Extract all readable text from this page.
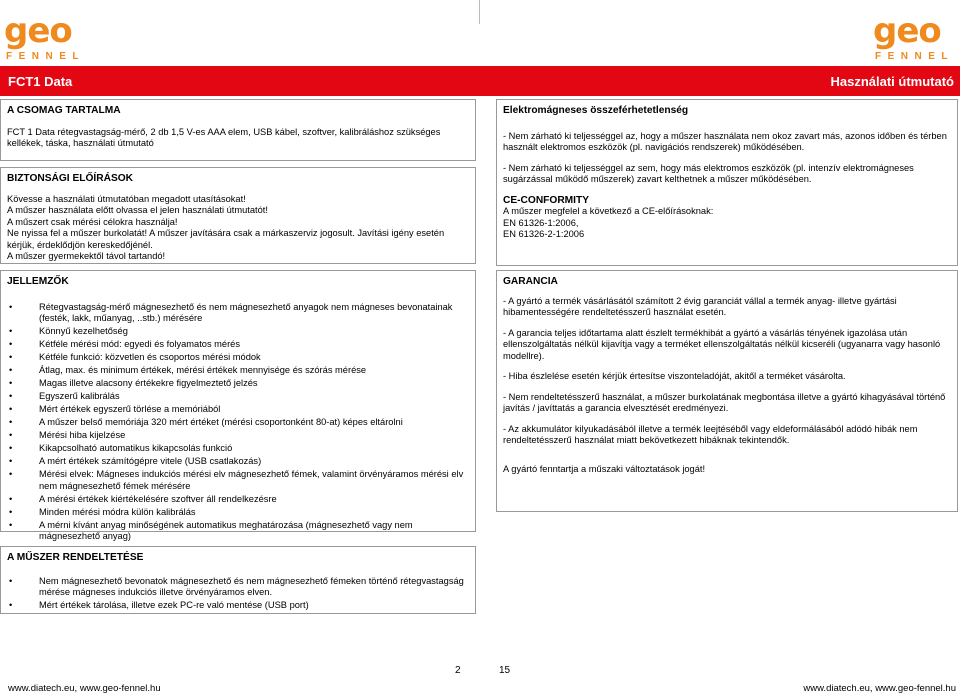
geo
FENNEL
geo
FENNEL
FCT1 Data	Használati útmutató
A CSOMAG TARTALMA

FCT 1 Data rétegvastagság-mérő, 2 db 1,5 V-es AAA elem, USB kábel, szoftver, kalibráláshoz szükséges kellékek, táska, használati útmutató

BIZTONSÁGI ELŐÍRÁSOK

Kövesse a használati útmutatóban megadott utasításokat!

A műszer használata előtt olvassa el jelen használati útmutatót!

A műszert csak mérési célokra használja!

Ne nyissa fel a műszer burkolatát! A műszer javítására csak a márkaszerviz jogosult. Javítási igény esetén kérjük, érdeklődjön kereskedőjénél.

A műszer gyermekektől távol tartandó!

JELLEMZŐK
• Rétegvastagság-mérő mágnesezhető és nem mágnesezhető anyagok nem mágneses bevonatainak (festék, lakk, műanyag, ..stb.) mérésére
• Könnyű kezelhetőség
• Kétféle mérési mód: egyedi és folyamatos mérés
• Kétféle funkció: közvetlen és csoportos mérési módok
• Átlag, max. és minimum értékek, mérési értékek mennyisége és szórás mérése
• Magas illetve alacsony értékekre figyelmeztető jelzés
• Egyszerű kalibrálás
• Mért értékek egyszerű törlése a memóriából
• A műszer belső memóriája 320 mért értéket (mérési csoportonként 80-at) képes eltárolni
• Mérési hiba kijelzése
• Kikapcsolható automatikus kikapcsolás funkció
• A mért értékek számítógépre vitele (USB csatlakozás)
• Mérési elvek: Mágneses indukciós mérési elv mágnesezhető fémek, valamint örvényáramos mérési elv nem mágnesezhető fémek mérésére
• A mérési értékek kiértékelésére szoftver áll rendelkezésre
• Minden mérési módra külön kalibrálás
• A mérni kívánt anyag minőségének automatikus meghatározása (mágnesezhető vagy nem mágnesezhető anyag)
A MŰSZER RENDELTETÉSE
• Nem mágnesezhető bevonatok mágnesezhető és nem mágnesezhető fémeken történő rétegvastagság mérése mágneses indukciós illetve örvényáramos elven.
• Mért értékek tárolása, illetve ezek PC-re való mentése (USB port)
Elektromágneses összeférhetetlenség

- Nem zárható ki teljességgel az, hogy a műszer használata nem okoz zavart más, azonos időben és térben használt elektromos eszközök (pl. navigációs rendszerek) működésében.

- Nem zárható ki teljességgel az sem, hogy más elektromos eszközök (pl. intenzív elektromágneses sugárzással működő műszerek) zavart kelthetnek a műszer működésében.

CE-CONFORMITY

A műszer megfelel a következő a CE-előírásoknak:

EN 61326-1:2006,

EN 61326-2-1:2006

GARANCIA

- A gyártó a termék vásárlásától számított 2 évig garanciát vállal a termék anyag- illetve gyártási hibamentességére rendeltetésszerű használat esetén.

- A garancia teljes időtartama alatt észlelt termékhibát a gyártó a vásárlás tényének igazolása után ellenszolgáltatás nélkül kijavítja vagy a terméket ellenszolgáltatás nélkül kicseréli (ugyanarra vagy hasonló modellre).

- Hiba észlelése esetén kérjük értesítse viszonteladóját, akitől a terméket vásárolta.

- Nem rendeltetésszerű használat, a műszer burkolatának megbontása illetve a gyártó kihagyásával történő javítás / javíttatás a garancia elvesztését eredményezi.

- Az akkumulátor kilyukadásából illetve a termék leejtéséből vagy eldeformálásából adódó hibák nem rendeltetésszerű használat miatt bekövetkezett hibáknak tekintendők.

A gyártó fenntartja a műszaki változtatások jogát!

www.diatech.eu, www.geo-fennel.hu
2	15
www.diatech.eu, www.geo-fennel.hu
